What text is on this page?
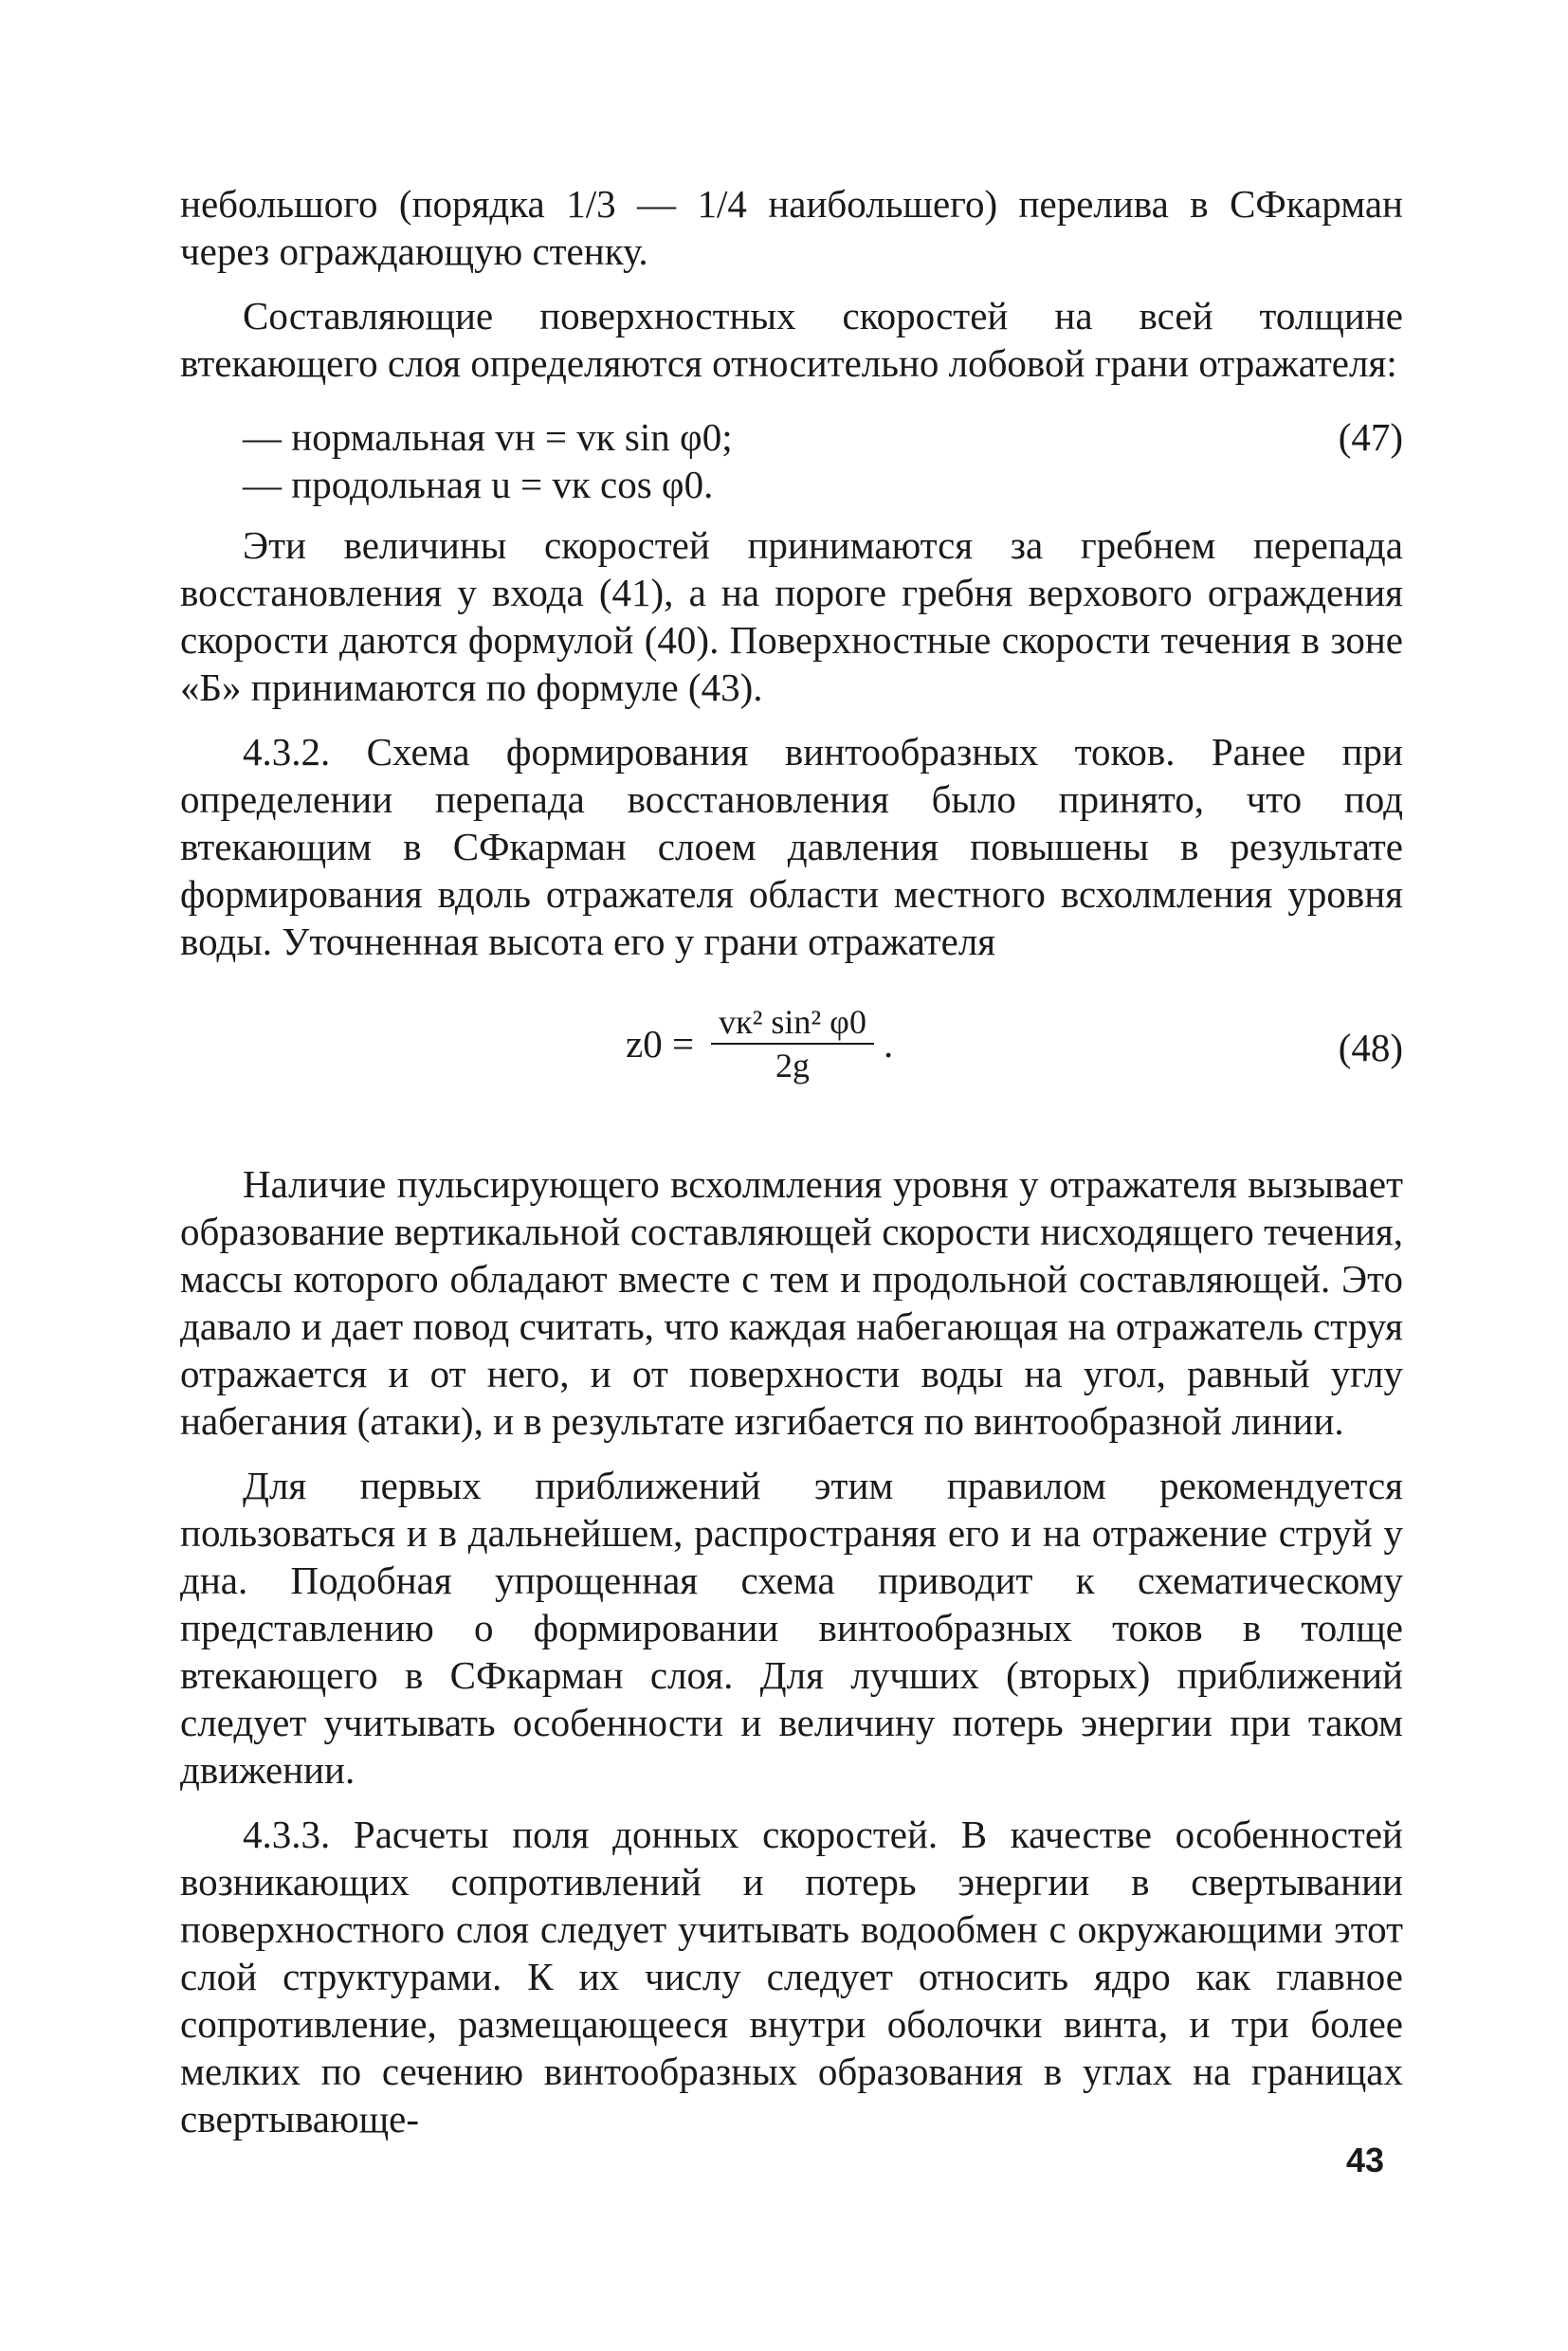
небольшого (порядка 1/3 — 1/4 наибольшего) перелива в СФкарман через ограждающую стенку.

Составляющие поверхностных скоростей на всей толщине втекающего слоя определяются относительно лобовой грани отражателя:

— нормальная vн = vк sin φ0;	(47)
— продольная u = vк cos φ0.

Эти величины скоростей принимаются за гребнем перепада восстановления у входа (41), а на пороге гребня верхового ограждения скорости даются формулой (40). Поверхностные скорости течения в зоне «Б» принимаются по формуле (43).

4.3.2. Схема формирования винтообразных токов. Ранее при определении перепада восстановления было принято, что под втекающим в СФкарман слоем давления повышены в результате формирования вдоль отражателя области местного всхолмления уровня воды. Уточненная высота его у грани отражателя

$z0 = \frac{\text{vк² sin² φ0}}{2g}$ .	(48)

Наличие пульсирующего всхолмления уровня у отражателя вызывает образование вертикальной составляющей скорости нисходящего течения, массы которого обладают вместе с тем и продольной составляющей. Это давало и дает повод считать, что каждая набегающая на отражатель струя отражается и от него, и от поверхности воды на угол, равный углу набегания (атаки), и в результате изгибается по винтообразной линии.

Для первых приближений этим правилом рекомендуется пользоваться и в дальнейшем, распространяя его и на отражение струй у дна. Подобная упрощенная схема приводит к схематическому представлению о формировании винтообразных токов в толще втекающего в СФкарман слоя. Для лучших (вторых) приближений следует учитывать особенности и величину потерь энергии при таком движении.

4.3.3. Расчеты поля донных скоростей. В качестве особенностей возникающих сопротивлений и потерь энергии в свертывании поверхностного слоя следует учитывать водообмен с окружающими этот слой структурами. К их числу следует относить ядро как главное сопротивление, размещающееся внутри оболочки винта, и три более мелких по сечению винтообразных образования в углах на границах свертывающе-

43
